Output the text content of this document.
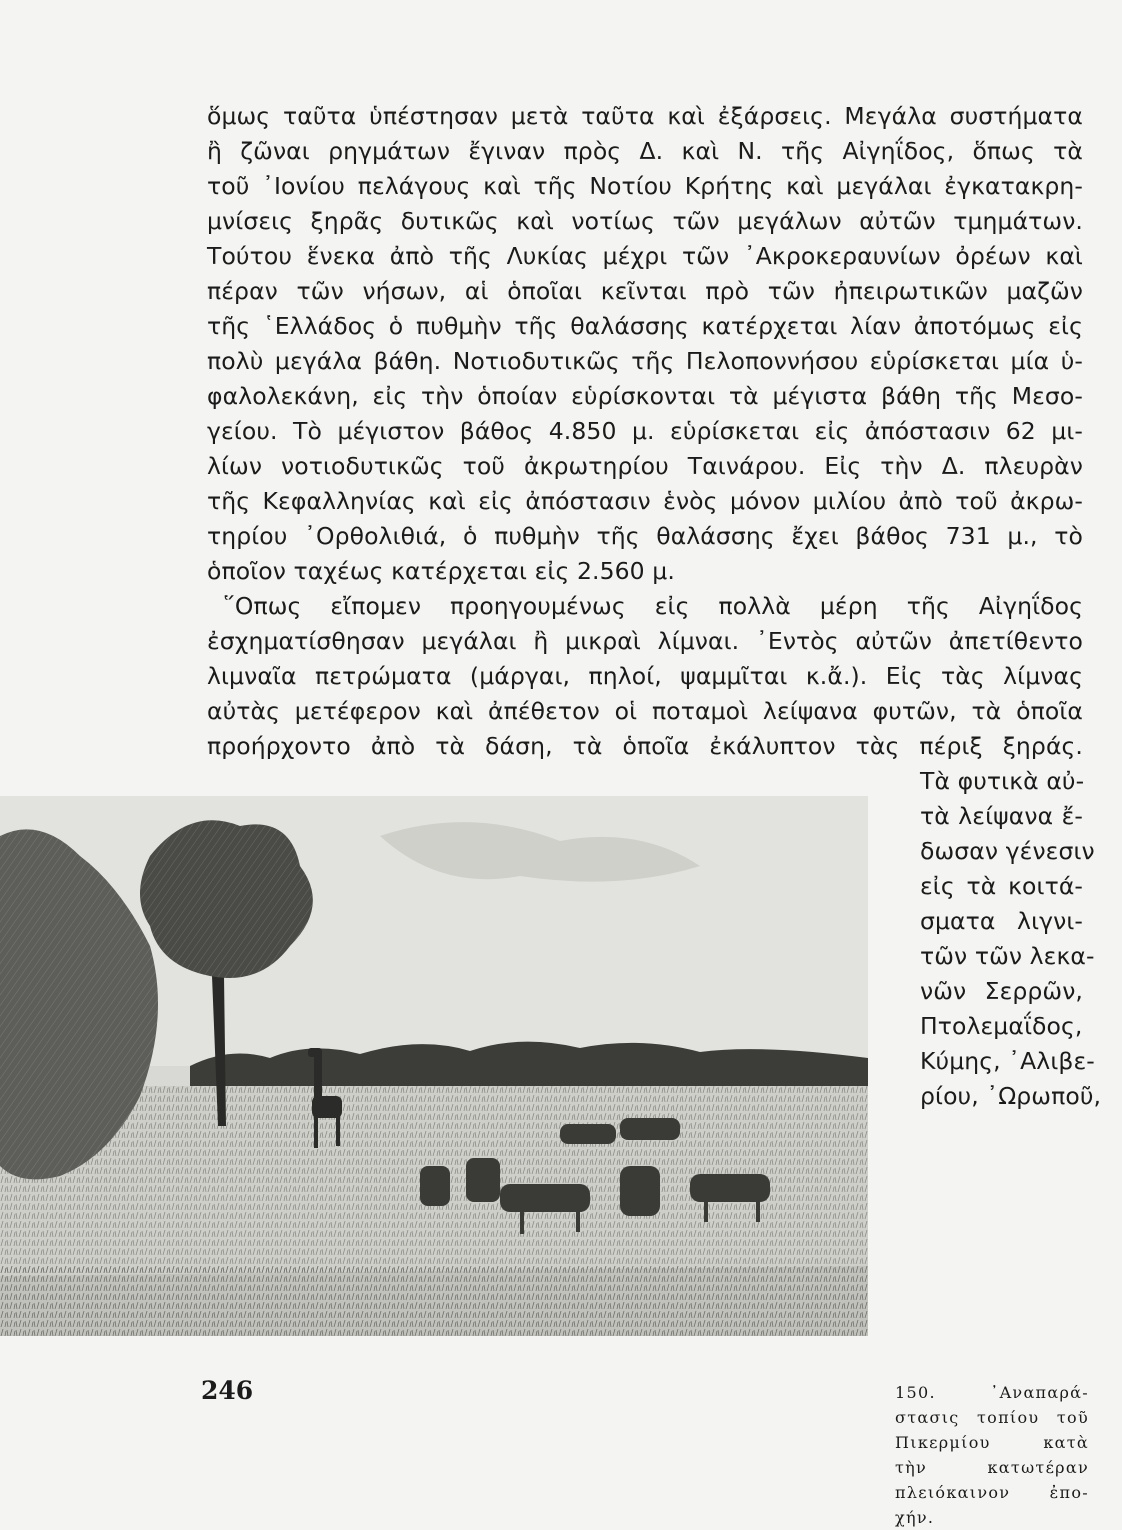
ὅμως ταῦτα ὑπέστησαν μετὰ ταῦτα καὶ ἐξάρσεις. Μεγάλα συστήματα
ἢ ζῶναι ρηγμάτων ἔγιναν πρὸς Δ. καὶ Ν. τῆς Αἰγηΐδος, ὅπως τὰ
τοῦ ᾿Ιονίου πελάγους καὶ τῆς Νοτίου Κρήτης καὶ μεγάλαι ἐγκατακρη-
μνίσεις ξηρᾶς δυτικῶς καὶ νοτίως τῶν μεγάλων αὐτῶν τμημάτων.
Τούτου ἕνεκα ἀπὸ τῆς Λυκίας μέχρι τῶν ᾿Ακροκεραυνίων ὀρέων καὶ
πέραν τῶν νήσων, αἱ ὁποῖαι κεῖνται πρὸ τῶν ἠπειρωτικῶν μαζῶν
τῆς ῾Ελλάδος ὁ πυθμὴν τῆς θαλάσσης κατέρχεται λίαν ἀποτόμως εἰς
πολὺ μεγάλα βάθη. Νοτιοδυτικῶς τῆς Πελοποννήσου εὑρίσκεται μία ὑ-
φαλολεκάνη, εἰς τὴν ὁποίαν εὑρίσκονται τὰ μέγιστα βάθη τῆς Μεσο-
γείου. Τὸ μέγιστον βάθος 4.850 μ. εὑρίσκεται εἰς ἀπόστασιν 62 μι-
λίων νοτιοδυτικῶς τοῦ ἀκρωτηρίου Ταινάρου. Εἰς τὴν Δ. πλευρὰν
τῆς Κεφαλληνίας καὶ εἰς ἀπόστασιν ἑνὸς μόνον μιλίου ἀπὸ τοῦ ἀκρω-
τηρίου ᾿Ορθολιθιά, ὁ πυθμὴν τῆς θαλάσσης ἔχει βάθος 731 μ., τὸ
ὁποῖον ταχέως κατέρχεται εἰς 2.560 μ.
῞Οπως εἴπομεν προηγουμένως εἰς πολλὰ μέρη τῆς Αἰγηΐδος
ἐσχηματίσθησαν μεγάλαι ἢ μικραὶ λίμναι. ᾿Εντὸς αὐτῶν ἀπετίθεντο
λιμναῖα πετρώματα (μάργαι, πηλοί, ψαμμῖται κ.ἄ.). Εἰς τὰς λίμνας
αὐτὰς μετέφερον καὶ ἀπέθετον οἱ ποταμοὶ λείψανα φυτῶν, τὰ ὁποῖα
προήρχοντο ἀπὸ τὰ δάση, τὰ ὁποῖα ἐκάλυπτον τὰς πέριξ ξηράς.
Τὰ φυτικὰ αὐ-
τὰ λείψανα ἔ-
δωσαν γένεσιν
εἰς τὰ κοιτά-
σματα λιγνι-
τῶν τῶν λεκα-
νῶν Σερρῶν,
Πτολεμαΐδος,
Κύμης, ᾿Αλιβε-
ρίου, ᾿Ωρωποῦ,
150. ᾿Αναπαρά-
στασις τοπίου τοῦ
Πικερμίου κατὰ
τὴν κατωτέραν
πλειόκαινον ἐπο-
χήν.
246
